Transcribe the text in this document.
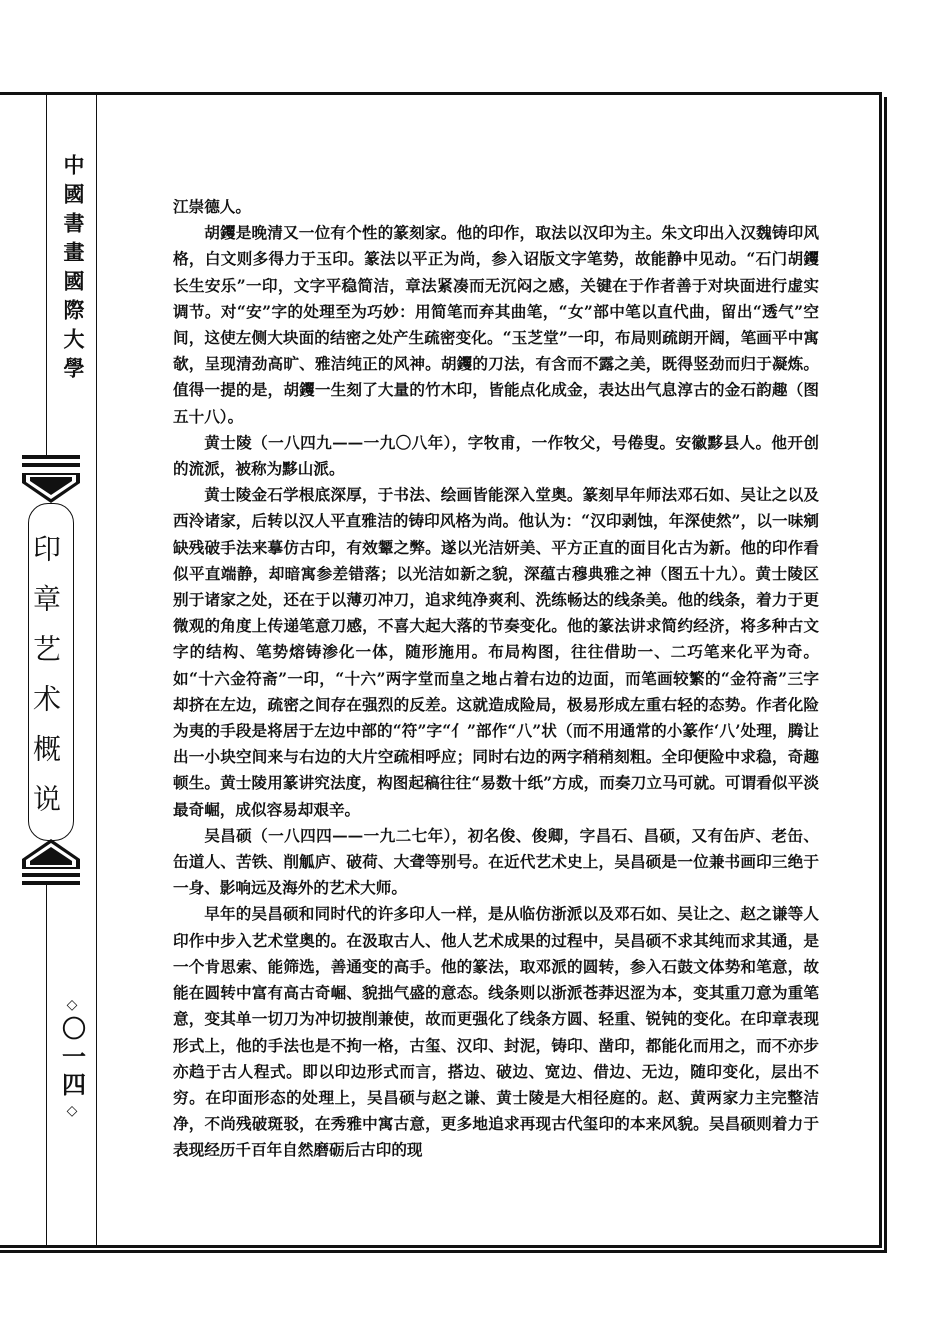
中國書畫國際大學
印章艺术概说
◇
〇一四
◇

江崇德人。

胡钁是晚清又一位有个性的篆刻家。他的印作，取法以汉印为主。朱文印出入汉魏铸印风格，白文则多得力于玉印。篆法以平正为尚，参入诏版文字笔势，故能静中见动。“石门胡钁长生安乐”一印，文字平稳简洁，章法紧凑而无沉闷之感，关键在于作者善于对块面进行虚实调节。对“安”字的处理至为巧妙：用简笔而弃其曲笔，“女”部中笔以直代曲，留出“透气”空间，这使左侧大块面的结密之处产生疏密变化。“玉芝堂”一印，布局则疏朗开阔，笔画平中寓欹，呈现清劲高旷、雅洁纯正的风神。胡钁的刀法，有含而不露之美，既得竖劲而归于凝炼。值得一提的是，胡钁一生刻了大量的竹木印，皆能点化成金，表达出气息淳古的金石韵趣（图五十八）。

黄士陵（一八四九——一九〇八年），字牧甫，一作牧父，号倦叟。安徽黟县人。他开创的流派，被称为黟山派。

黄士陵金石学根底深厚，于书法、绘画皆能深入堂奥。篆刻早年师法邓石如、吴让之以及西泠诸家，后转以汉人平直雅洁的铸印风格为尚。他认为：“汉印剥蚀，年深使然”，以一味剜缺残破手法来摹仿古印，有效颦之弊。遂以光洁妍美、平方正直的面目化古为新。他的印作看似平直端静，却暗寓参差错落；以光洁如新之貌，深蕴古穆典雅之神（图五十九）。黄士陵区别于诸家之处，还在于以薄刃冲刀，追求纯净爽利、洗练畅达的线条美。他的线条，着力于更微观的角度上传递笔意刀感，不喜大起大落的节奏变化。他的篆法讲求简约经济，将多种古文字的结构、笔势熔铸渗化一体，随形施用。布局构图，往往借助一、二巧笔来化平为奇。如“十六金符斋”一印，“十六”两字堂而皇之地占着右边的边面，而笔画较繁的“金符斋”三字却挤在左边，疏密之间存在强烈的反差。这就造成险局，极易形成左重右轻的态势。作者化险为夷的手段是将居于左边中部的“符”字“亻”部作“八”状（而不用通常的小篆作‘八’处理，腾让出一小块空间来与右边的大片空疏相呼应；同时右边的两字稍稍刻粗。全印便险中求稳，奇趣顿生。黄士陵用篆讲究法度，构图起稿往往“易数十纸”方成，而奏刀立马可就。可谓看似平淡最奇崛，成似容易却艰辛。

吴昌硕（一八四四——一九二七年），初名俊、俊卿，字昌石、昌硕，又有缶庐、老缶、缶道人、苦铁、削觚庐、破荷、大聋等别号。在近代艺术史上，吴昌硕是一位兼书画印三绝于一身、影响远及海外的艺术大师。

早年的吴昌硕和同时代的许多印人一样，是从临仿浙派以及邓石如、吴让之、赵之谦等人印作中步入艺术堂奥的。在汲取古人、他人艺术成果的过程中，吴昌硕不求其纯而求其通，是一个肯思索、能筛选，善通变的高手。他的篆法，取邓派的圆转，参入石鼓文体势和笔意，故能在圆转中富有高古奇崛、貌拙气盛的意态。线条则以浙派苍莽迟涩为本，变其重刀意为重笔意，变其单一切刀为冲切披削兼使，故而更强化了线条方圆、轻重、锐钝的变化。在印章表现形式上，他的手法也是不拘一格，古玺、汉印、封泥，铸印、凿印，都能化而用之，而不亦步亦趋于古人程式。即以印边形式而言，搭边、破边、宽边、借边、无边，随印变化，层出不穷。在印面形态的处理上，吴昌硕与赵之谦、黄士陵是大相径庭的。赵、黄两家力主完整洁净，不尚残破斑驳，在秀雅中寓古意，更多地追求再现古代玺印的本来风貌。吴昌硕则着力于表现经历千百年自然磨砺后古印的现
